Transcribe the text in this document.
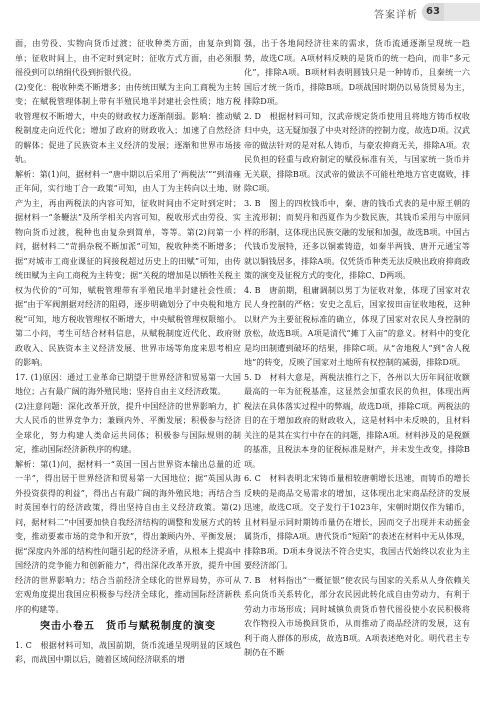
答案详析 63

面，由劳役、实物向货币过渡；征收种类方面，由复杂到简单；征收时间上，由不定时到定时；征收方式方面，由必须服徭役到可以纳绢代役到折银代役。

(2)变化：税收种类不断增多；由传统田赋为主向工商税为主转变；在赋税管理体制上带有半殖民地半封建社会性质；地方税收管理权不断增大，中央的财政权力逐渐削弱。影响：推动赋税制度走向近代化；增加了政府的财政收入；加速了自然经济的解体；促进了民族资本主义经济的发展；逐渐和世界市场接轨。

解析：第(1)问，据材料一“唐中期以后采用了‘两税法’”“到清雍正年间，实行地丁合一政策”可知，由人丁为主转向以土地、财产为主，再由两税法的内容可知，征收时间由不定时到定时；据材料一“条鞭法”及所学相关内容可知，税收形式由劳役、实物向货币过渡，税种也由复杂到简单，等等。第(2)问第一小问，据材料二“苛捐杂税不断加派”可知，税收种类不断增多；据“对城市工商业课征的间接税超过历史上的田赋”可知，由传统田赋为主向工商税为主转变；据“关税的增加是以牺牲关税主权为代价的”可知，赋税管理带有半殖民地半封建社会性质；据“由于军阀割据对经济的阻碍，逐步明确划分了中央税和地方税”可知，地方税收管理权不断增大，中央赋税管理权限缩小。第二小问，考生可结合材料信息，从赋税制度近代化、政府财政收入、民族资本主义经济发展、世界市场等角度来思考相应的影响。

17. (1)原因：通过工业革命已期望于世界经济和贸易第一大国地位；占有最广阔的海外殖民地；坚持自由主义经济政策。

(2)注意问题：深化改革开放，提升中国经济的世界影响力，扩大人民币的世界竞争力；兼顾内外、平衡发展；积极参与经济全球化，努力构建人类命运共同体；积极参与国际规则的制定，推动国际经济新秩序的构建。

解析：第(1)问，据材料一“英国一国占世界资本输出总量的近一半”，得出居于世界经济和贸易第一大国地位；据“英国从海外投资获得的利益”，得出占有最广阔的海外殖民地；再结合当时英国奉行的经济政策，得出坚持自由主义经济政策。第(2)问，据材料二“中国要加快自我经济结构的调整和发展方式的转变，推动要素市场的竞争和开放”，得出兼顾内外、平衡发展；据“深度内外部的结构性问题引起的经济矛盾，从根本上提高中国经济的竞争能力和创新能力”，得出深化改革开放，提升中国经济的世界影响力；结合当前经济全球化的世界局势，亦可从宏观角度提出我国应积极参与经济全球化，推动国际经济新秩序的构建等。

突击小卷五　货币与赋税制度的演变

1. C　根据材料可知，战国前期，货币流通呈现明显的区域色彩，而战国中期以后，随着区域间经济联系的增

强，出于各地间经济往来的需求，货币流通逐渐呈现统一趋势，故选C项。A项材料反映的是货币的统一趋向，而非“多元化”，排除A项。B项材料表明圆钱只是一种铸币，且秦统一六国后才统一货币，排除B项。D项战国时期仍以易货贸易为主，排除D项。

2. D　根据材料可知，汉武帝规定货币使用且将地方铸币权收归中央，这无疑加强了中央对经济的控制力度，故选D项。汉武帝的做法针对的是对私人铸币，与豪农抑商无关，排除A项。农民负担的轻重与政府制定的赋役标准有关，与国家统一货币并无关联，排除B项。汉武帝的做法不可能杜绝地方官吏腐败，排除C项。

3. B　图上的四枚钱币中，秦、唐的钱币式表的是中原王朝的主流形制；而契丹和西夏作为少数民族，其钱币采用与中原同样的形制，这体现出民族交融的发展和加强，故选B项。中国古代钱币发展特，还多以铜素铸造，如秦半两钱、唐开元通宝等就以铜钱居多，排除A项。仅凭货币种类无法反映出政府抑商政策的演变及征税方式的变化，排除C、D两项。

4. B　唐前期，租庸调制以男丁为征收对象，体现了国家对农民人身控制的严格；安史之乱后，国家按田亩征收地税，这种以财产为主要征税标准的确立，体现了国家对农民人身控制的放松，故选B项。A项是清代“摊丁入亩”的意义。材料中的变化是均田制遭到破坏的结果，排除C项。从“舍地税人”到“舍人税地”的转变，反映了国家对土地所有权控制的减弱，排除D项。

5. D　材料大意是，两税法推行之下，各州以大历年间征收额最高的一年为征税基准，这显然会加重农民的负担，体现出两税法在具体落实过程中的弊端，故选D项，排除C项。两税法的目的在于增加政府的财政收入，这是材料中未反映的，且材料关注的是其在实行中存在的问题，排除A项。材料涉及的是税额的基准，且税法本身的征税标准是财产，并未发生改变，排除B项。

6. C　材料表明北宋铸币量相较唐朝增长迅速，而铸币的增长反映的是商品交易需求的增加，这体现出北宋商品经济的发展迅速，故选C项。交子发行于1023年，宋朝时期仅作为辅币，且材料显示同时期铸币量仍在增长，因而交子出现并未动摇金属货币，排除A项。唐代货币“短陌”的表述在材料中无从体现，排除B项。D项本身说法不符合史实，我国古代始终以农业为主要经济部门。

7. B　材料指出“一概征银”使农民与国家的关系从人身依赖关系向货币关系转化，部分农民因此转化成自由劳动力，有利于劳动力市场形成；同时城镇负责货币替代徭役使小农民积极将农作物投入市场换回货币，从而推动了商品经济的发展，这有利于商人群体的形成，故选B项。A项表述绝对化。明代君主专制仍在不断
